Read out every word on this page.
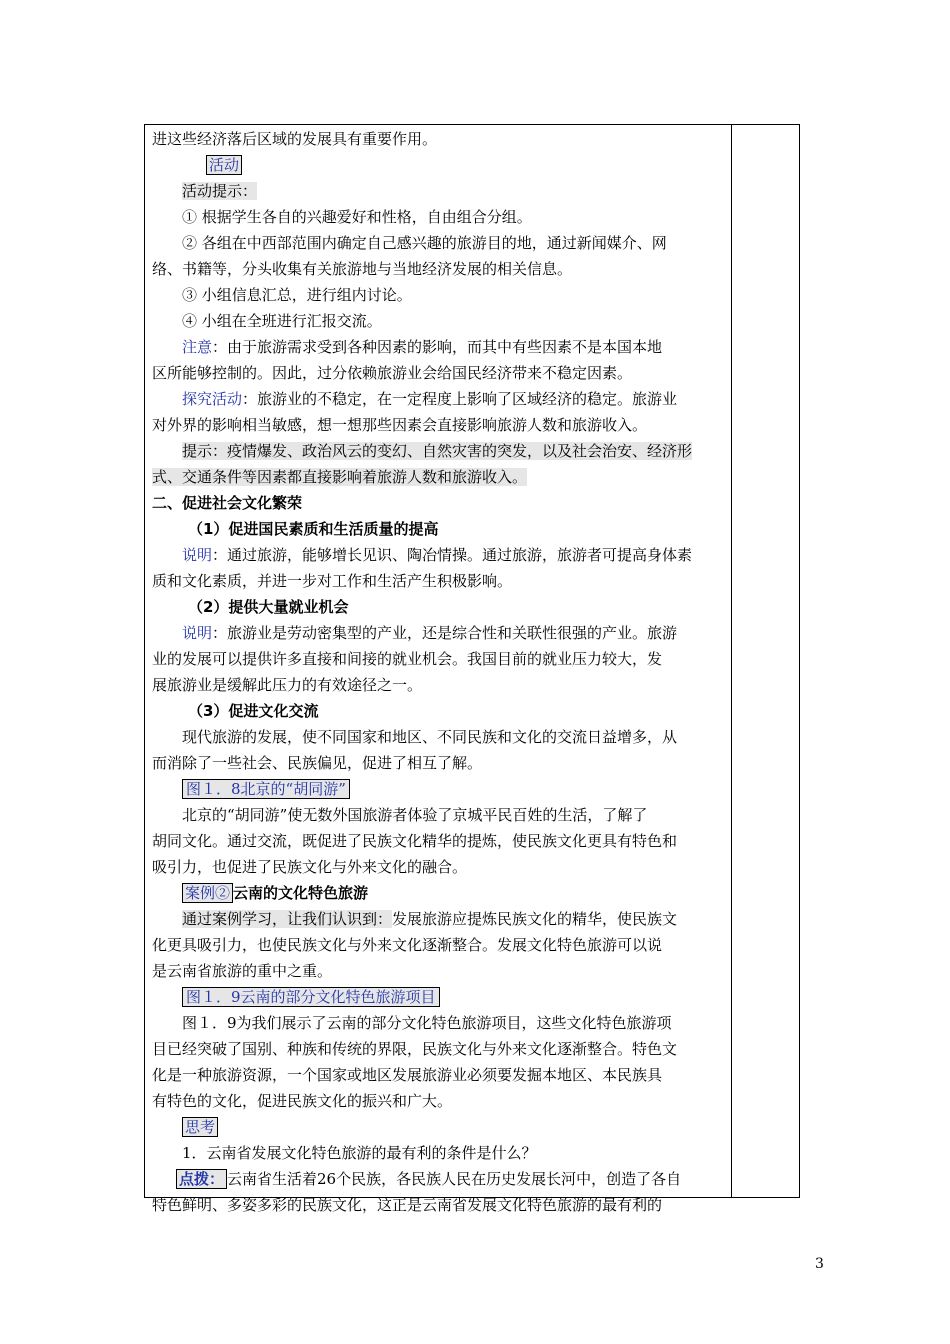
进这些经济落后区域的发展具有重要作用。

活动

活动提示：

① 根据学生各自的兴趣爱好和性格，自由组合分组。

② 各组在中西部范围内确定自己感兴趣的旅游目的地，通过新闻媒介、网

络、书籍等，分头收集有关旅游地与当地经济发展的相关信息。

③ 小组信息汇总，进行组内讨论。

④ 小组在全班进行汇报交流。

注意：由于旅游需求受到各种因素的影响，而其中有些因素不是本国本地

区所能够控制的。因此，过分依赖旅游业会给国民经济带来不稳定因素。

探究活动：旅游业的不稳定，在一定程度上影响了区域经济的稳定。旅游业

对外界的影响相当敏感，想一想那些因素会直接影响旅游人数和旅游收入。

提示：疫情爆发、政治风云的变幻、自然灾害的突发，以及社会治安、经济形

式、交通条件等因素都直接影响着旅游人数和旅游收入。

二、促进社会文化繁荣

（1）促进国民素质和生活质量的提高

说明：通过旅游，能够增长见识、陶冶情操。通过旅游，旅游者可提高身体素

质和文化素质，并进一步对工作和生活产生积极影响。

（2）提供大量就业机会

说明：旅游业是劳动密集型的产业，还是综合性和关联性很强的产业。旅游

业的发展可以提供许多直接和间接的就业机会。我国目前的就业压力较大，发

展旅游业是缓解此压力的有效途径之一。

（3）促进文化交流

现代旅游的发展，使不同国家和地区、不同民族和文化的交流日益增多，从

而消除了一些社会、民族偏见，促进了相互了解。

图１．8北京的“胡同游”

北京的“胡同游”使无数外国旅游者体验了京城平民百姓的生活，了解了

胡同文化。通过交流，既促进了民族文化精华的提炼，使民族文化更具有特色和

吸引力，也促进了民族文化与外来文化的融合。

案例② 云南的文化特色旅游

通过案例学习，让我们认识到：发展旅游应提炼民族文化的精华，使民族文

化更具吸引力，也使民族文化与外来文化逐渐整合。发展文化特色旅游可以说

是云南省旅游的重中之重。

图１．9云南的部分文化特色旅游项目

图１．9为我们展示了云南的部分文化特色旅游项目，这些文化特色旅游项

目已经突破了国别、种族和传统的界限，民族文化与外来文化逐渐整合。特色文

化是一种旅游资源，一个国家或地区发展旅游业必须要发掘本地区、本民族具

有特色的文化，促进民族文化的振兴和广大。

思考

1．云南省发展文化特色旅游的最有利的条件是什么？

点拨： 云南省生活着26个民族，各民族人民在历史发展长河中，创造了各自

特色鲜明、多姿多彩的民族文化，这正是云南省发展文化特色旅游的最有利的

3
